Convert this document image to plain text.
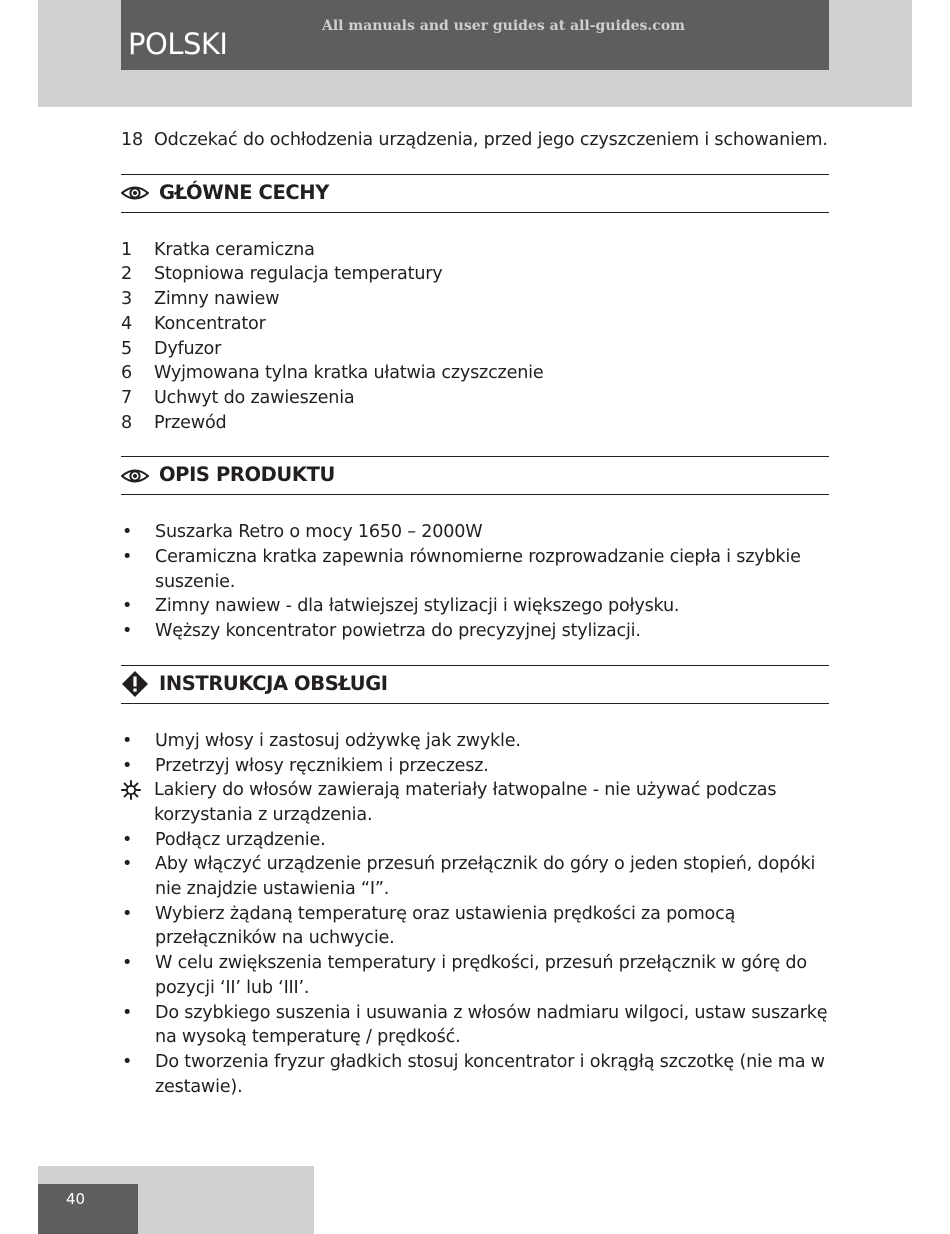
POLSKI
All manuals and user guides at all-guides.com
18 Odczekać do ochłodzenia urządzenia, przed jego czyszczeniem i schowaniem.
GŁÓWNE CECHY
1	Kratka ceramiczna
2	Stopniowa regulacja temperatury
3	Zimny nawiew
4	Koncentrator
5	Dyfuzor
6	Wyjmowana tylna kratka ułatwia czyszczenie
7	Uchwyt do zawieszenia
8	Przewód
OPIS PRODUKTU
•	Suszarka Retro o mocy 1650 – 2000W
•	Ceramiczna kratka zapewnia równomierne rozprowadzanie ciepła i szybkie suszenie.
•	Zimny nawiew - dla łatwiejszej stylizacji i większego połysku.
•	Węższy koncentrator powietrza do precyzyjnej stylizacji.
INSTRUKCJA OBSŁUGI
•	Umyj włosy i zastosuj odżywkę jak zwykle.
•	Przetrzyj włosy ręcznikiem i przeczesz.
Lakiery do włosów zawierają materiały łatwopalne - nie używać podczas korzystania z urządzenia.
•	Podłącz urządzenie.
•	Aby włączyć urządzenie przesuń przełącznik do góry o jeden stopień, dopóki nie znajdzie ustawienia “I”.
•	Wybierz żądaną temperaturę oraz ustawienia prędkości za pomocą przełączników na uchwycie.
•	W celu zwiększenia temperatury i prędkości, przesuń przełącznik w górę do pozycji ‘II’ lub ‘III’.
•	Do szybkiego suszenia i usuwania z włosów nadmiaru wilgoci, ustaw suszarkę na wysoką temperaturę / prędkość.
•	Do tworzenia fryzur gładkich stosuj koncentrator i okrągłą szczotkę (nie ma w zestawie).
40
